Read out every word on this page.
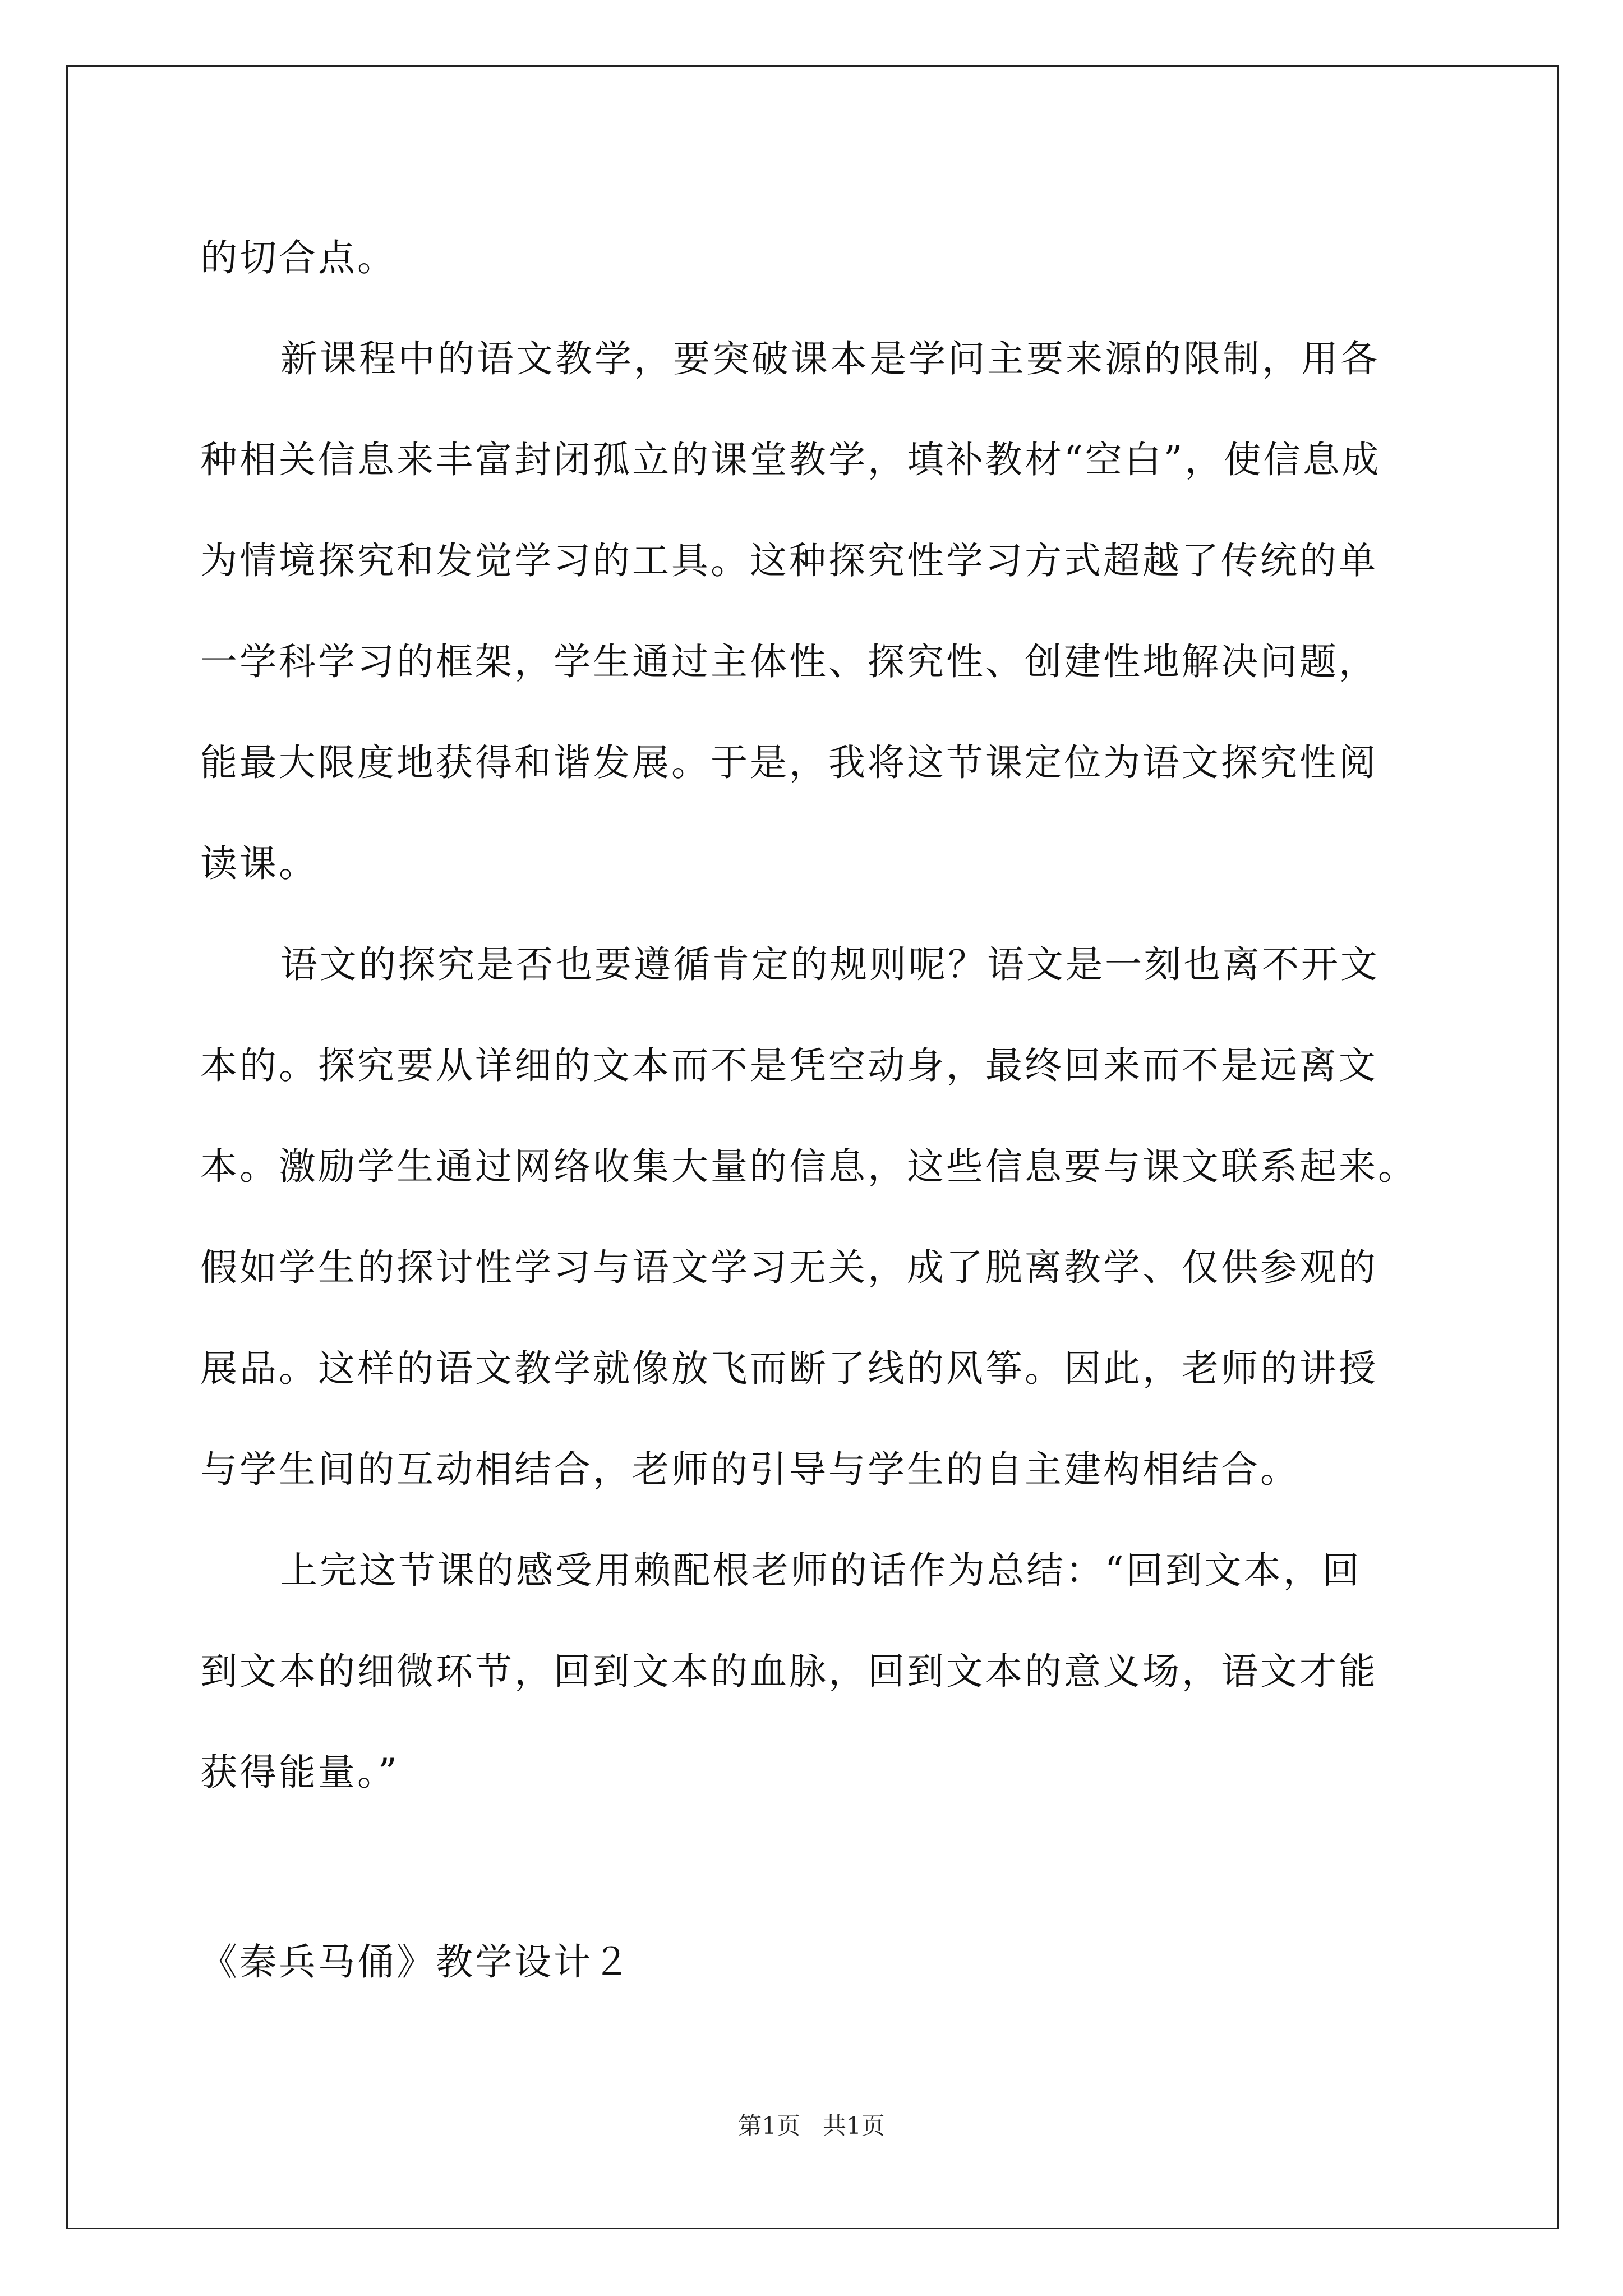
的切合点。
新课程中的语文教学，要突破课本是学问主要来源的限制，用各
种相关信息来丰富封闭孤立的课堂教学，填补教材“空白”，使信息成
为情境探究和发觉学习的工具。这种探究性学习方式超越了传统的单
一学科学习的框架，学生通过主体性、探究性、创建性地解决问题，
能最大限度地获得和谐发展。于是，我将这节课定位为语文探究性阅
读课。
语文的探究是否也要遵循肯定的规则呢？语文是一刻也离不开文
本的。探究要从详细的文本而不是凭空动身，最终回来而不是远离文
本。激励学生通过网络收集大量的信息，这些信息要与课文联系起来。
假如学生的探讨性学习与语文学习无关，成了脱离教学、仅供参观的
展品。这样的语文教学就像放飞而断了线的风筝。因此，老师的讲授
与学生间的互动相结合，老师的引导与学生的自主建构相结合。
上完这节课的感受用赖配根老师的话作为总结：“回到文本，回
到文本的细微环节，回到文本的血脉，回到文本的意义场，语文才能
获得能量。”
《秦兵马俑》教学设计２
第1页   共1页
